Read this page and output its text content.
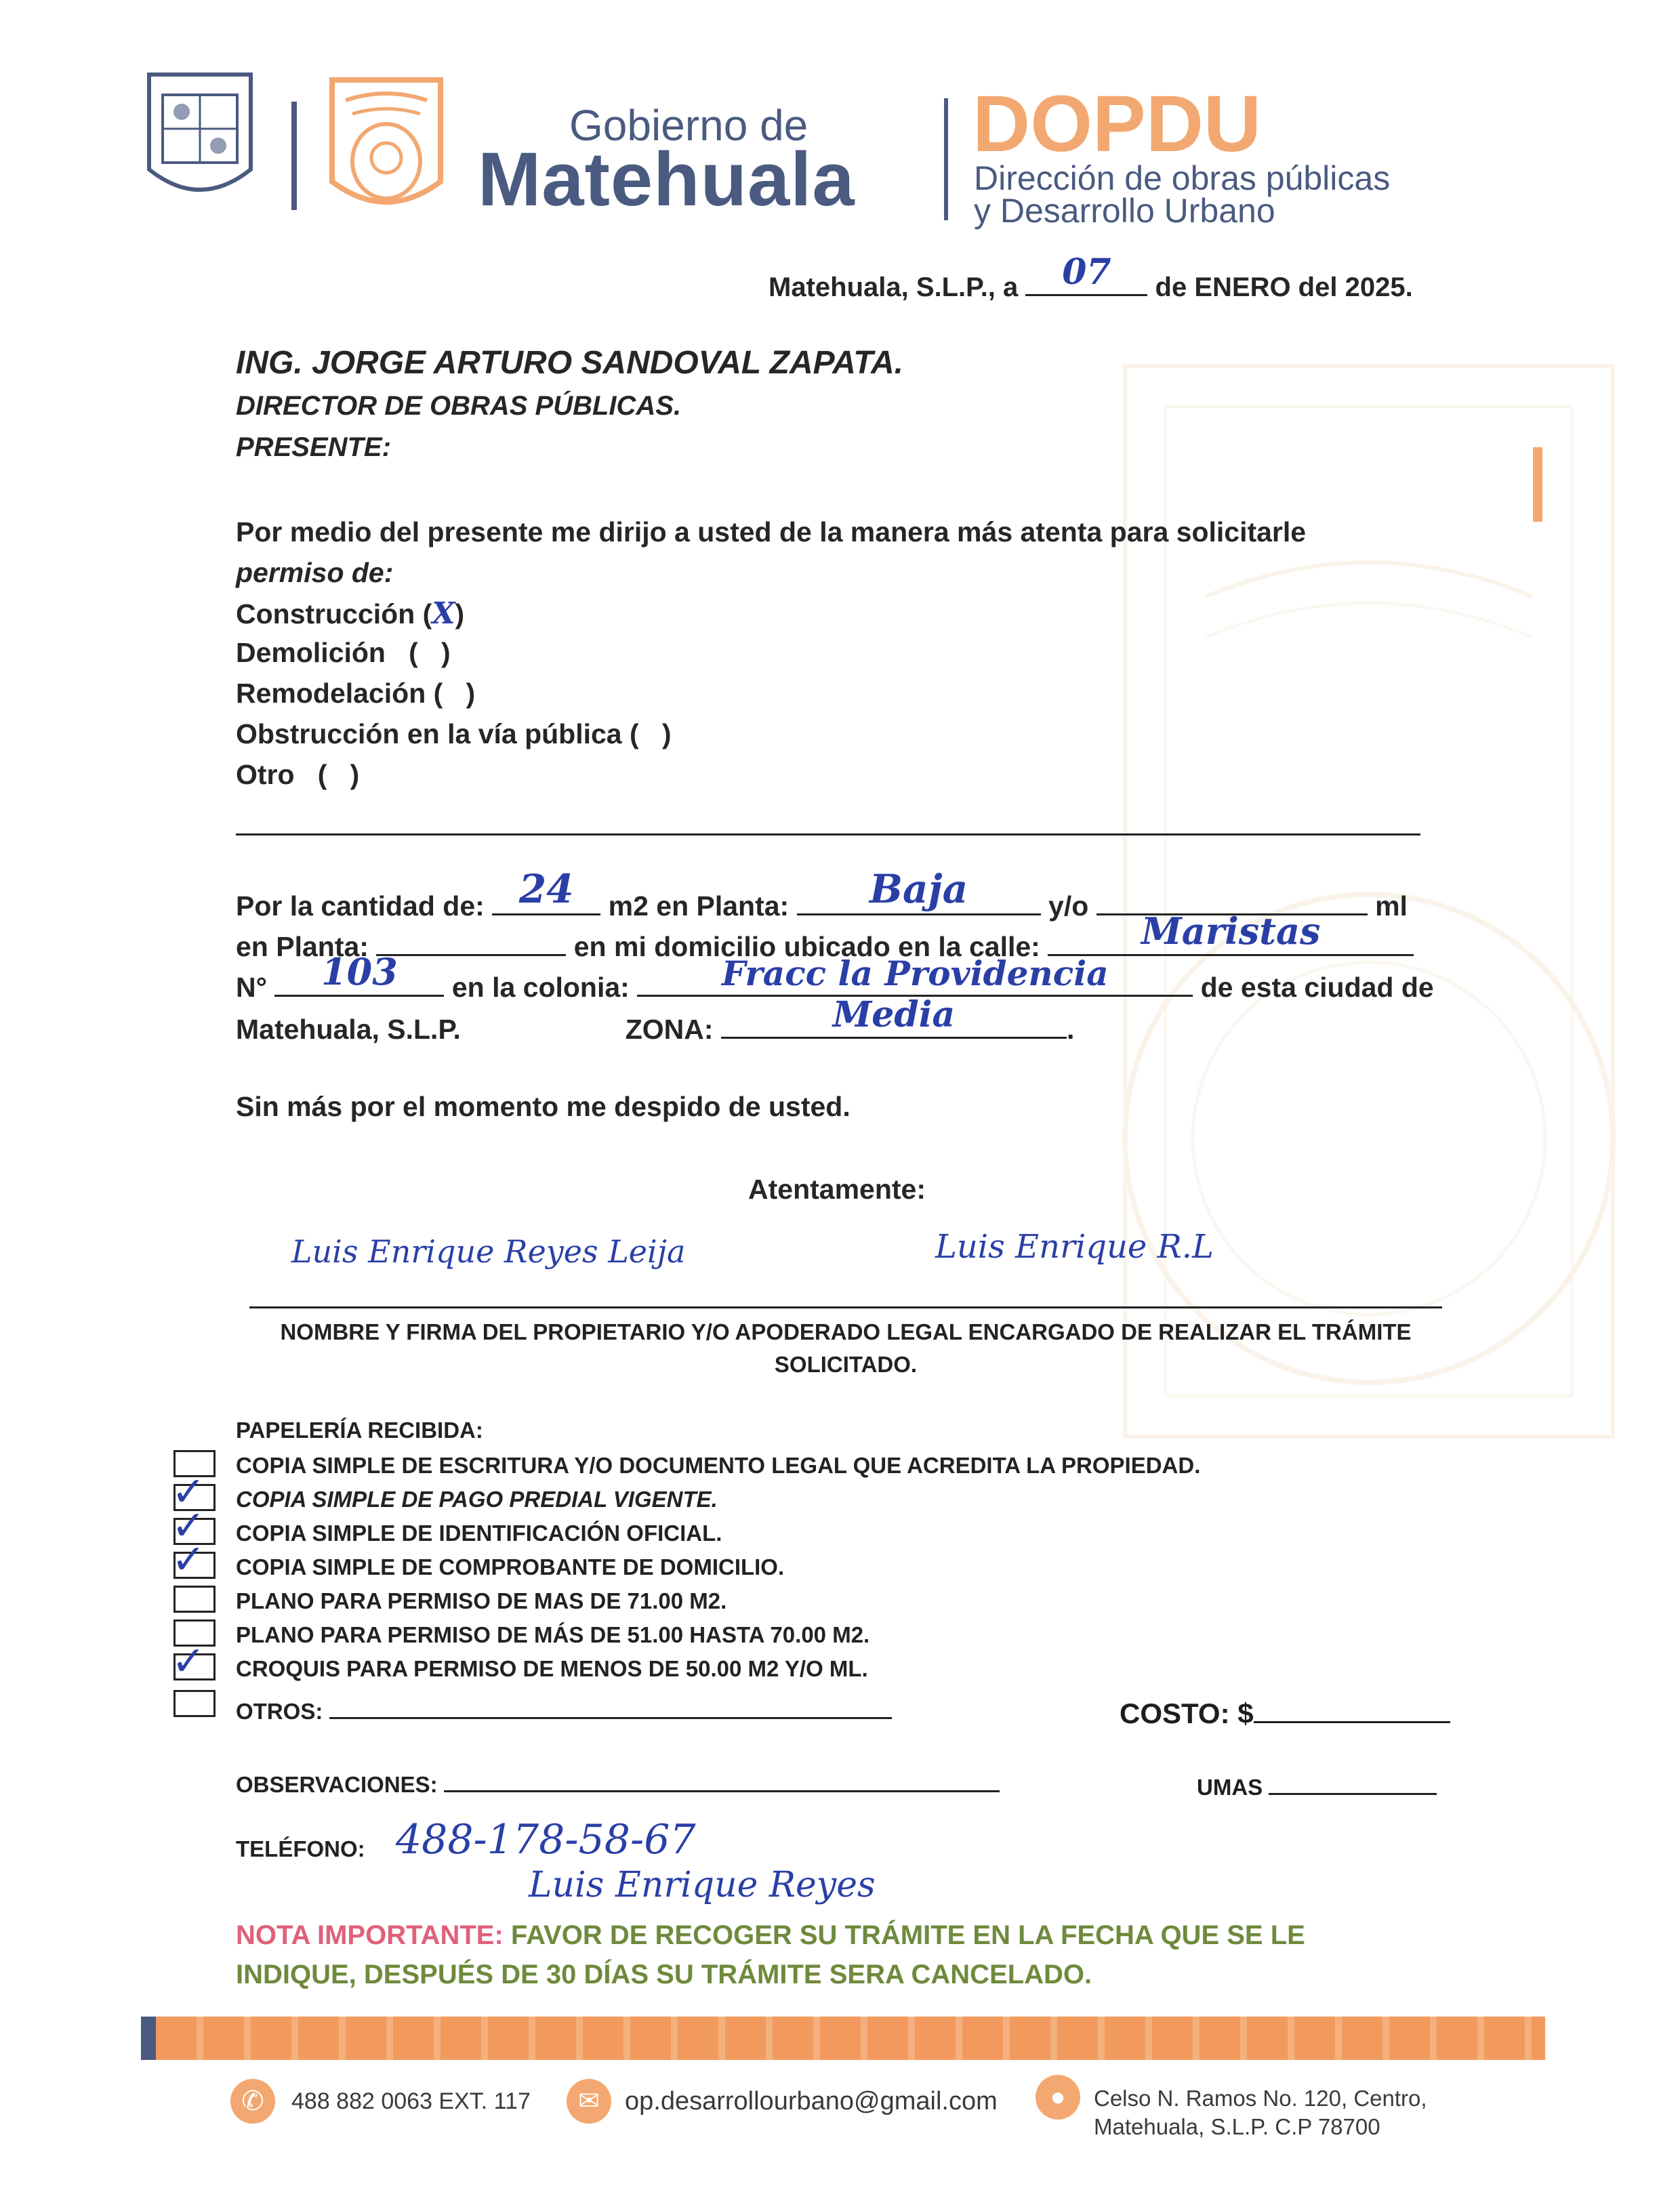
Gobierno de
Matehuala
DOPDU
Dirección de obras públicas
y Desarrollo Urbano
Matehuala, S.L.P., a	07	de ENERO del 2025.
ING. JORGE ARTURO SANDOVAL ZAPATA.
DIRECTOR DE OBRAS PÚBLICAS.
PRESENTE:
Por medio del presente me dirijo a usted de la manera más atenta para solicitarle
permiso de:
Construcción (X)
Demolición   (   )
Remodelación (   )
Obstrucción en la vía pública (   )
Otro   (   )
Por la cantidad de: 24	m2 en Planta:	Baja	y/o	ml
en Planta:	en mi domicilio ubicado en la calle:	Maristas
N°	103	en la colonia:	Fracc la Providencia	de esta ciudad de
Matehuala, S.L.P.	ZONA:	Media	.
Sin más por el momento me despido de usted.
Atentamente:
Luis Enrique Reyes Leija	Luis Enrique R.L
NOMBRE Y FIRMA DEL PROPIETARIO Y/O APODERADO LEGAL ENCARGADO DE REALIZAR EL TRÁMITE
SOLICITADO.
PAPELERÍA RECIBIDA:
COPIA SIMPLE DE ESCRITURA Y/O DOCUMENTO LEGAL QUE ACREDITA LA PROPIEDAD.
✓ COPIA SIMPLE DE PAGO PREDIAL VIGENTE.
✓ COPIA SIMPLE DE IDENTIFICACIÓN OFICIAL.
✓ COPIA SIMPLE DE COMPROBANTE DE DOMICILIO.
PLANO PARA PERMISO DE MAS DE 71.00 M2.
PLANO PARA PERMISO DE MÁS DE 51.00 HASTA 70.00 M2.
✓ CROQUIS PARA PERMISO DE MENOS DE 50.00 M2 Y/O ML.
OTROS:	COSTO: $
OBSERVACIONES:	UMAS
TELÉFONO: 488-178-58-67
Luis Enrique Reyes
NOTA IMPORTANTE: FAVOR DE RECOGER SU TRÁMITE EN LA FECHA QUE SE LE
INDIQUE, DESPUÉS DE 30 DÍAS SU TRÁMITE SERA CANCELADO.
✆	488 882 0063 EXT. 117	✉ op.desarrollourbano@gmail.com	●	Celso N. Ramos No. 120, Centro,
Matehuala, S.L.P. C.P 78700
